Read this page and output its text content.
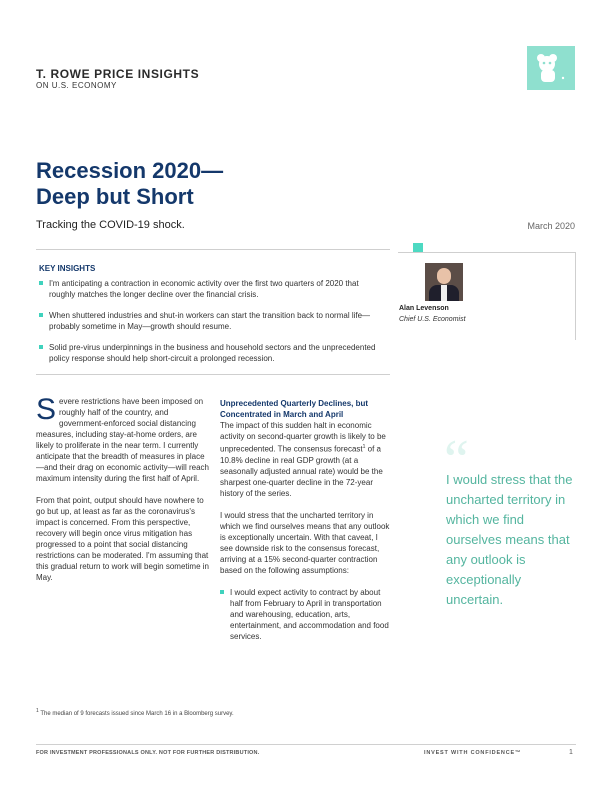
T. ROWE PRICE INSIGHTS
ON U.S. ECONOMY
Recession 2020—
Deep but Short
Tracking the COVID-19 shock.	March 2020
KEY INSIGHTS
I'm anticipating a contraction in economic activity over the first two quarters of 2020 that roughly matches the longer decline over the financial crisis.
When shuttered industries and shut-in workers can start the transition back to normal life—probably sometime in May—growth should resume.
Solid pre-virus underpinnings in the business and household sectors and the unprecedented policy response should help short-circuit a prolonged recession.
Alan Levenson
Chief U.S. Economist

Severe restrictions have been imposed on roughly half of the country, and government-enforced social distancing measures, including stay-at-home orders, are likely to proliferate in the near term. I currently anticipate that the breadth of measures in place—and their drag on economic activity—will reach maximum intensity during the first half of April.

From that point, output should have nowhere to go but up, at least as far as the coronavirus's impact is concerned. From this perspective, recovery will begin once virus mitigation has progressed to a point that social distancing restrictions can be moderated. I'm assuming that this gradual return to work will begin sometime in May.

Unprecedented Quarterly Declines, but Concentrated in March and April

The impact of this sudden halt in economic activity on second-quarter growth is likely to be unprecedented. The consensus forecast$^1$ of a 10.8% decline in real GDP growth (at a seasonally adjusted annual rate) would be the sharpest one-quarter decline in the 72-year history of the series.

I would stress that the uncharted territory in which we find ourselves means that any outlook is exceptionally uncertain. With that caveat, I see downside risk to the consensus forecast, arriving at a 15% second-quarter contraction based on the following assumptions:

I would expect activity to contract by about half from February to April in transportation and warehousing, education, arts, entertainment, and accommodation and food services.
“
I would stress that the uncharted territory in which we find ourselves means that any outlook is exceptionally uncertain.
$^1$ The median of 9 forecasts issued since March 16 in a Bloomberg survey.
FOR INVESTMENT PROFESSIONALS ONLY. NOT FOR FURTHER DISTRIBUTION.	INVEST WITH CONFIDENCE™	1
